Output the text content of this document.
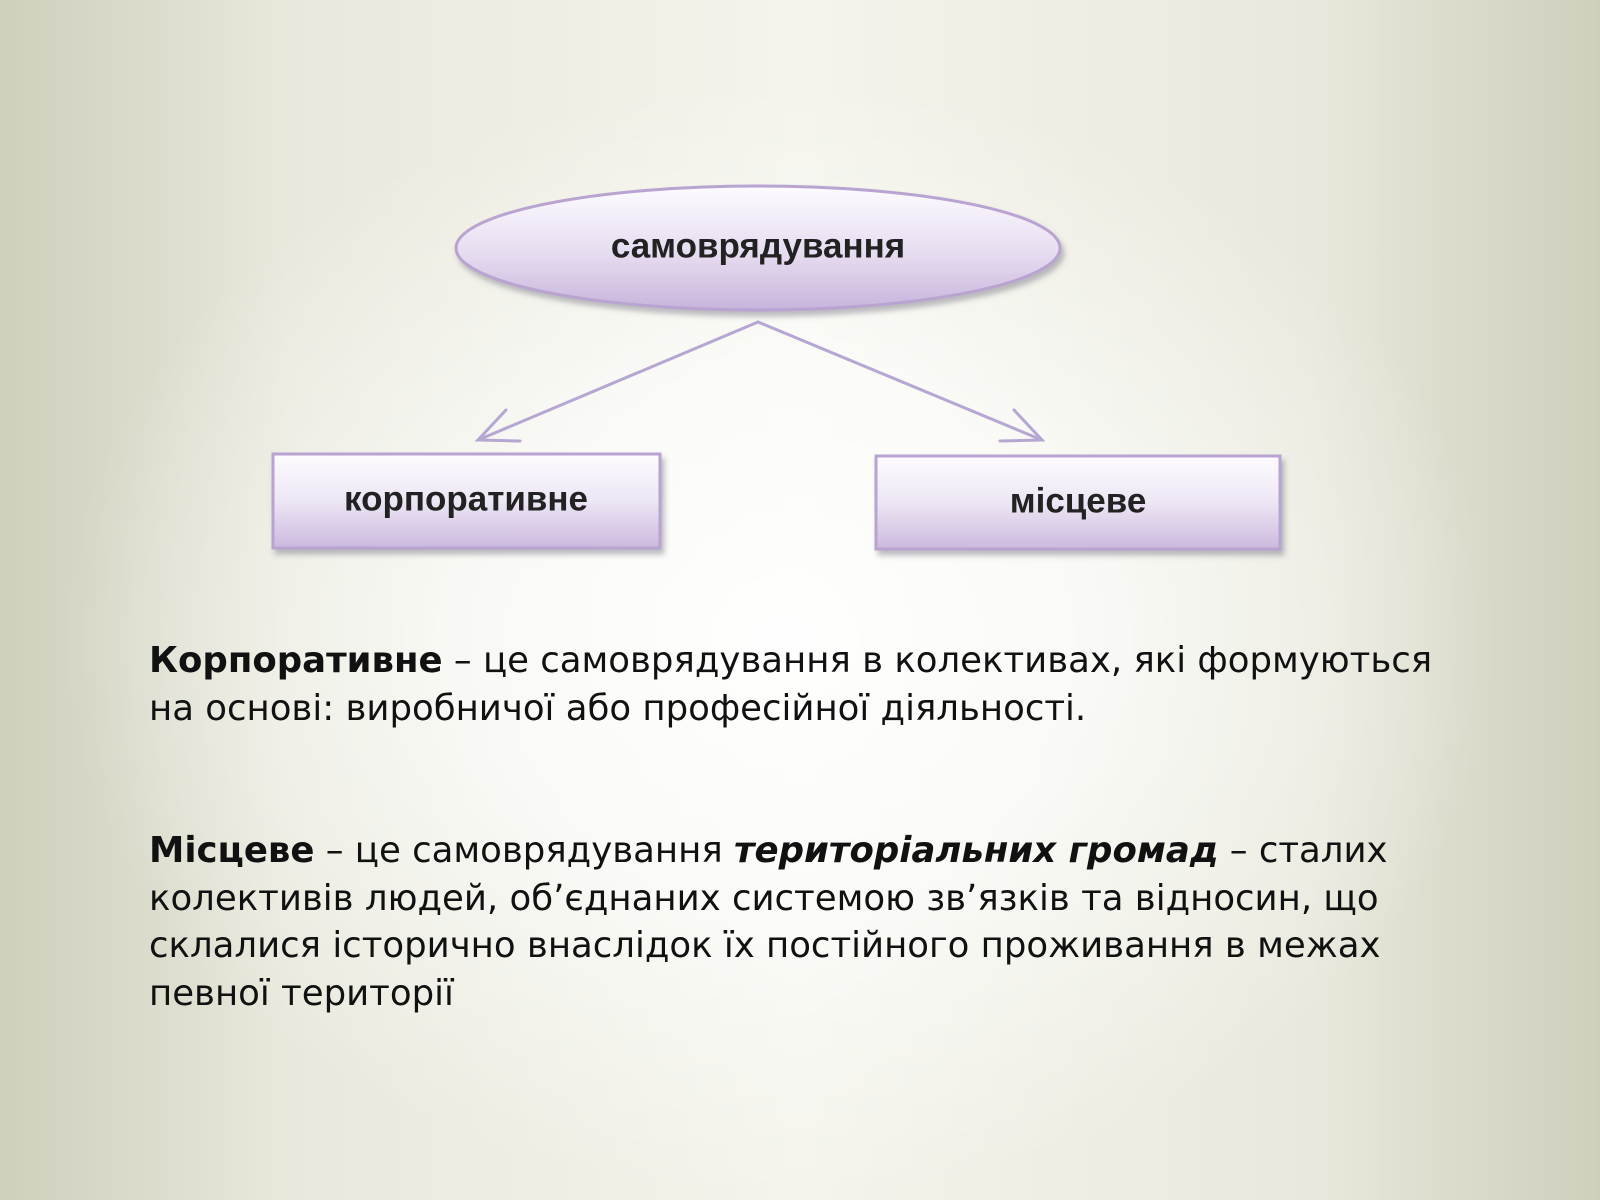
самоврядування
корпоративне	місцеве

Корпоративне – це самоврядування в колективах, які формуються на основі: виробничої або професійної діяльності.

Місцеве – це самоврядування територіальних громад – сталих колективів людей, об’єднаних системою зв’язків та відносин, що склалися історично внаслідок їх постійного проживання в межах певної території
